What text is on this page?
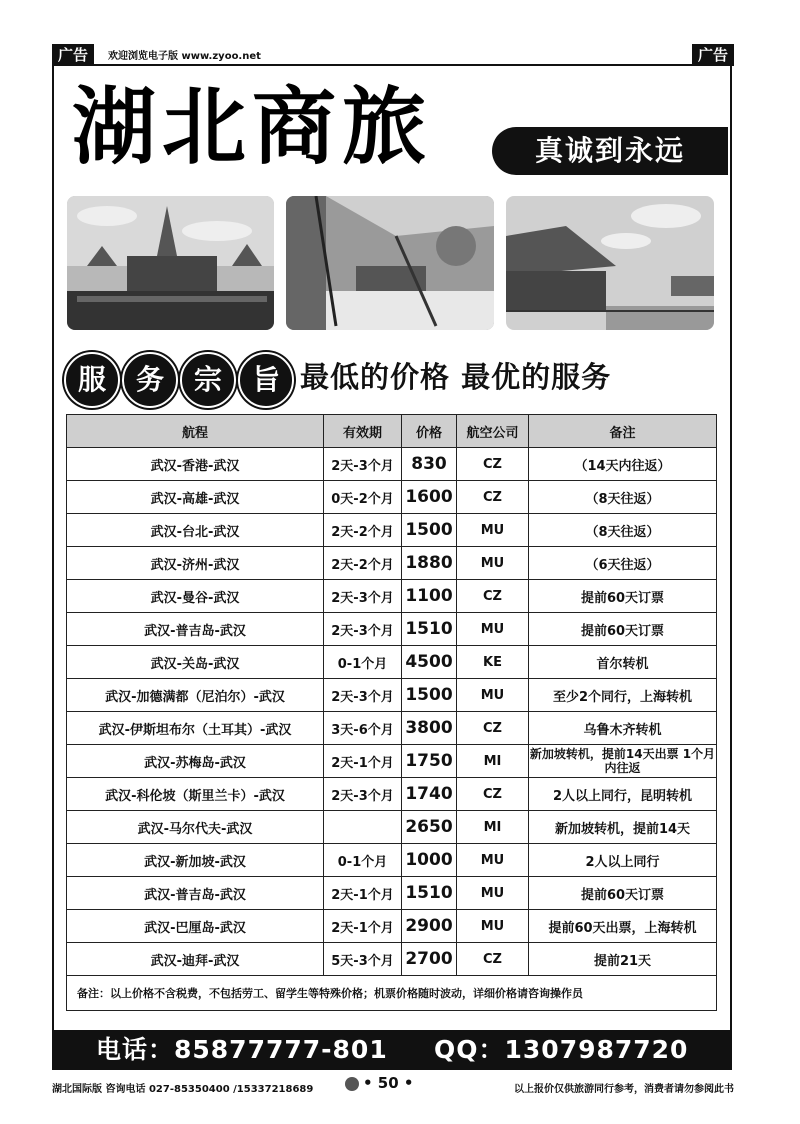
广告	欢迎浏览电子版 www.zyoo.net	广告
湖北商旅	真诚到永远
服	务	宗	旨 最低的价格 最优的服务
航程	有效期	价格	航空公司	备注
武汉-香港-武汉	2天-3个月	830	CZ	（14天内往返）
武汉-高雄-武汉	0天-2个月	1600	CZ	（8天往返）
武汉-台北-武汉	2天-2个月	1500	MU	（8天往返）
武汉-济州-武汉	2天-2个月	1880	MU	（6天往返）
武汉-曼谷-武汉	2天-3个月	1100	CZ	提前60天订票
武汉-普吉岛-武汉	2天-3个月	1510	MU	提前60天订票
武汉-关岛-武汉	0-1个月	4500	KE	首尔转机
武汉-加德满都（尼泊尔）-武汉	2天-3个月	1500	MU	至少2个同行，上海转机
武汉-伊斯坦布尔（土耳其）-武汉	3天-6个月	3800	CZ	乌鲁木齐转机
武汉-苏梅岛-武汉	2天-1个月	1750	MI	新加坡转机，提前14天出票 1个月内往返
武汉-科伦坡（斯里兰卡）-武汉	2天-3个月	1740	CZ	2人以上同行，昆明转机
武汉-马尔代夫-武汉		2650	MI	新加坡转机，提前14天
武汉-新加坡-武汉	0-1个月	1000	MU	2人以上同行
武汉-普吉岛-武汉	2天-1个月	1510	MU	提前60天订票
武汉-巴厘岛-武汉	2天-1个月	2900	MU	提前60天出票，上海转机
武汉-迪拜-武汉	5天-3个月	2700	CZ	提前21天
备注：以上价格不含税费，不包括劳工、留学生等特殊价格；机票价格随时波动，详细价格请咨询操作员				
电话：85877777-801 QQ：1307987720
湖北国际版 咨询电话 027-85350400 /15337218689	• 50 •	以上报价仅供旅游同行参考，消费者请勿参阅此书
